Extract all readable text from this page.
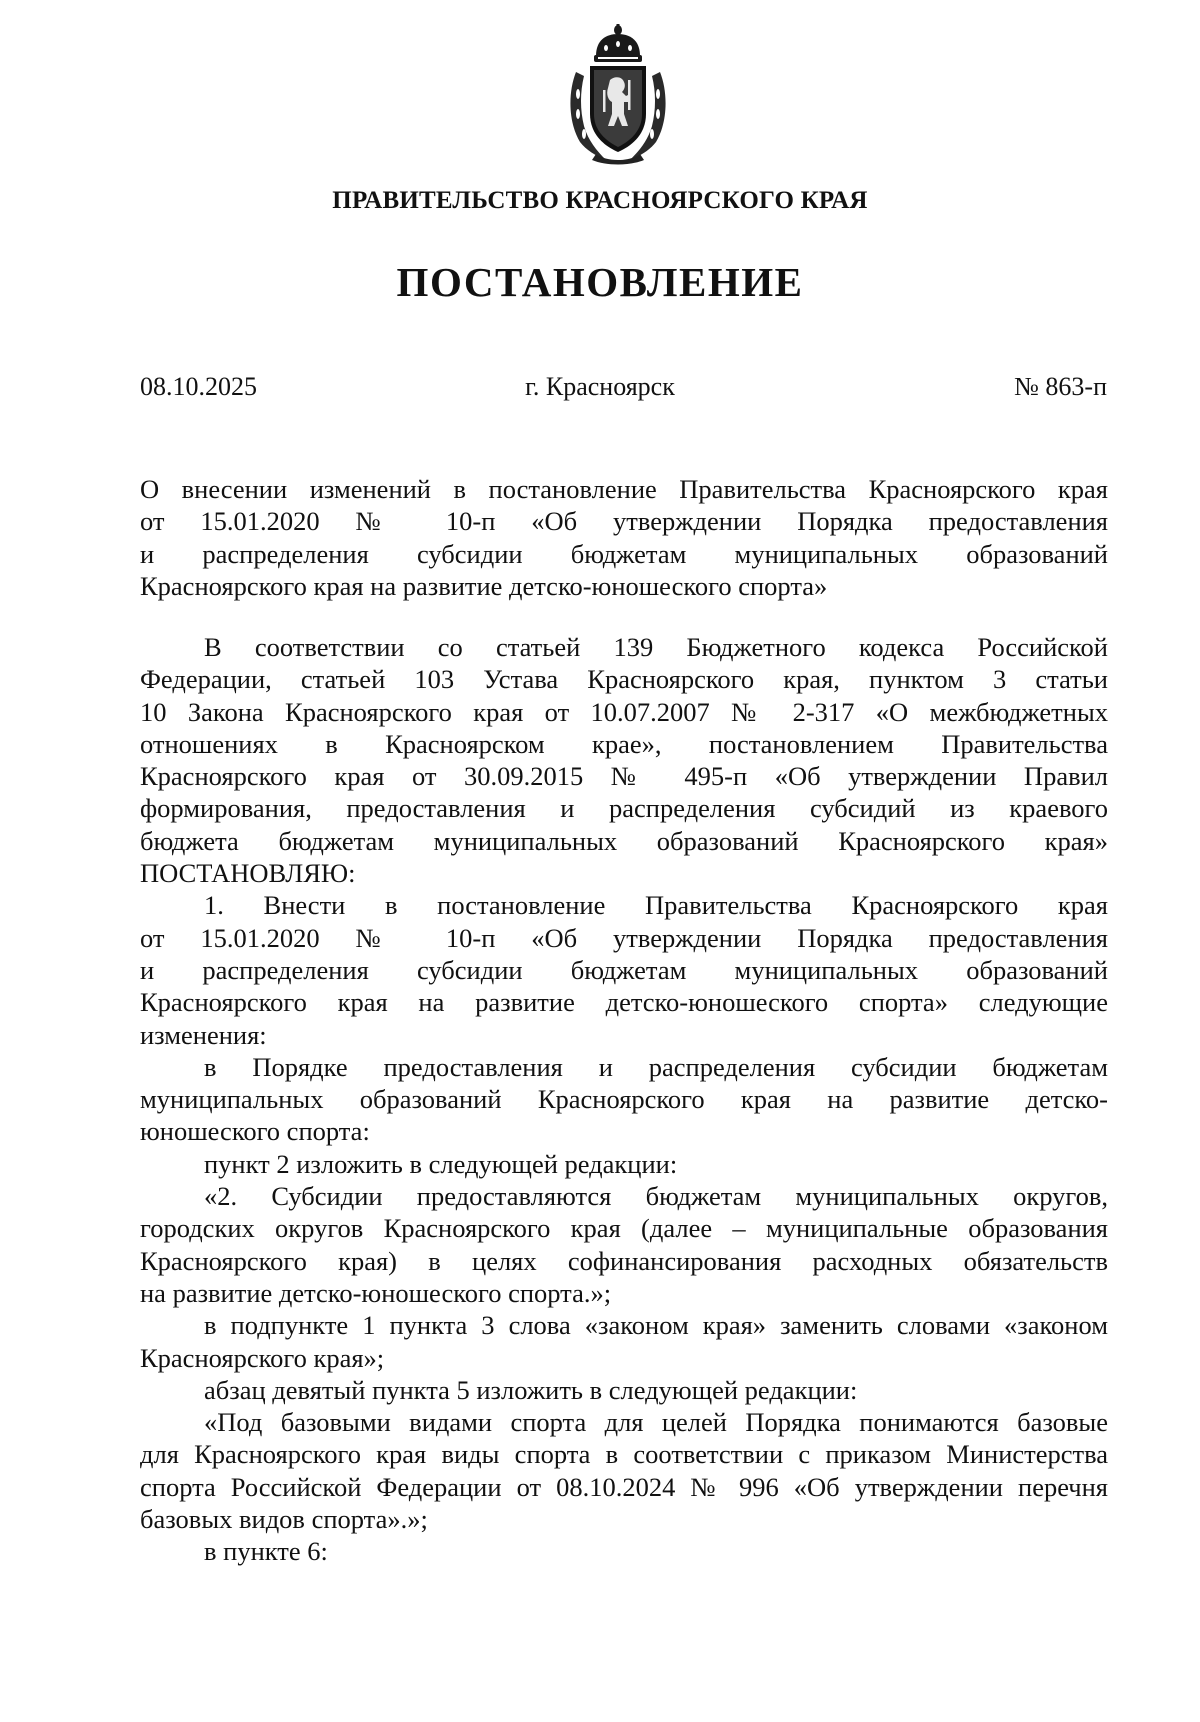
ПРАВИТЕЛЬСТВО КРАСНОЯРСКОГО КРАЯ
ПОСТАНОВЛЕНИЕ
08.10.2025	г. Красноярск	№ 863-п
О внесении изменений в постановление Правительства Красноярского края
от 15.01.2020 № 10-п «Об утверждении Порядка предоставления
и распределения субсидии бюджетам муниципальных образований
Красноярского края на развитие детско-юношеского спорта»
В соответствии со статьей 139 Бюджетного кодекса Российской
Федерации, статьей 103 Устава Красноярского края, пунктом 3 статьи
10 Закона Красноярского края от 10.07.2007 № 2-317 «О межбюджетных
отношениях в Красноярском крае», постановлением Правительства
Красноярского края от 30.09.2015 № 495-п «Об утверждении Правил
формирования, предоставления и распределения субсидий из краевого
бюджета бюджетам муниципальных образований Красноярского края»
ПОСТАНОВЛЯЮ:
1. Внести в постановление Правительства Красноярского края
от 15.01.2020 № 10-п «Об утверждении Порядка предоставления
и распределения субсидии бюджетам муниципальных образований
Красноярского края на развитие детско-юношеского спорта» следующие
изменения:
в Порядке предоставления и распределения субсидии бюджетам
муниципальных образований Красноярского края на развитие детско-
юношеского спорта:
пункт 2 изложить в следующей редакции:
«2. Субсидии предоставляются бюджетам муниципальных округов,
городских округов Красноярского края (далее – муниципальные образования
Красноярского края) в целях софинансирования расходных обязательств
на развитие детско-юношеского спорта.»;
в подпункте 1 пункта 3 слова «законом края» заменить словами «законом
Красноярского края»;
абзац девятый пункта 5 изложить в следующей редакции:
«Под базовыми видами спорта для целей Порядка понимаются базовые
для Красноярского края виды спорта в соответствии с приказом Министерства
спорта Российской Федерации от 08.10.2024 № 996 «Об утверждении перечня
базовых видов спорта».»;
в пункте 6:
